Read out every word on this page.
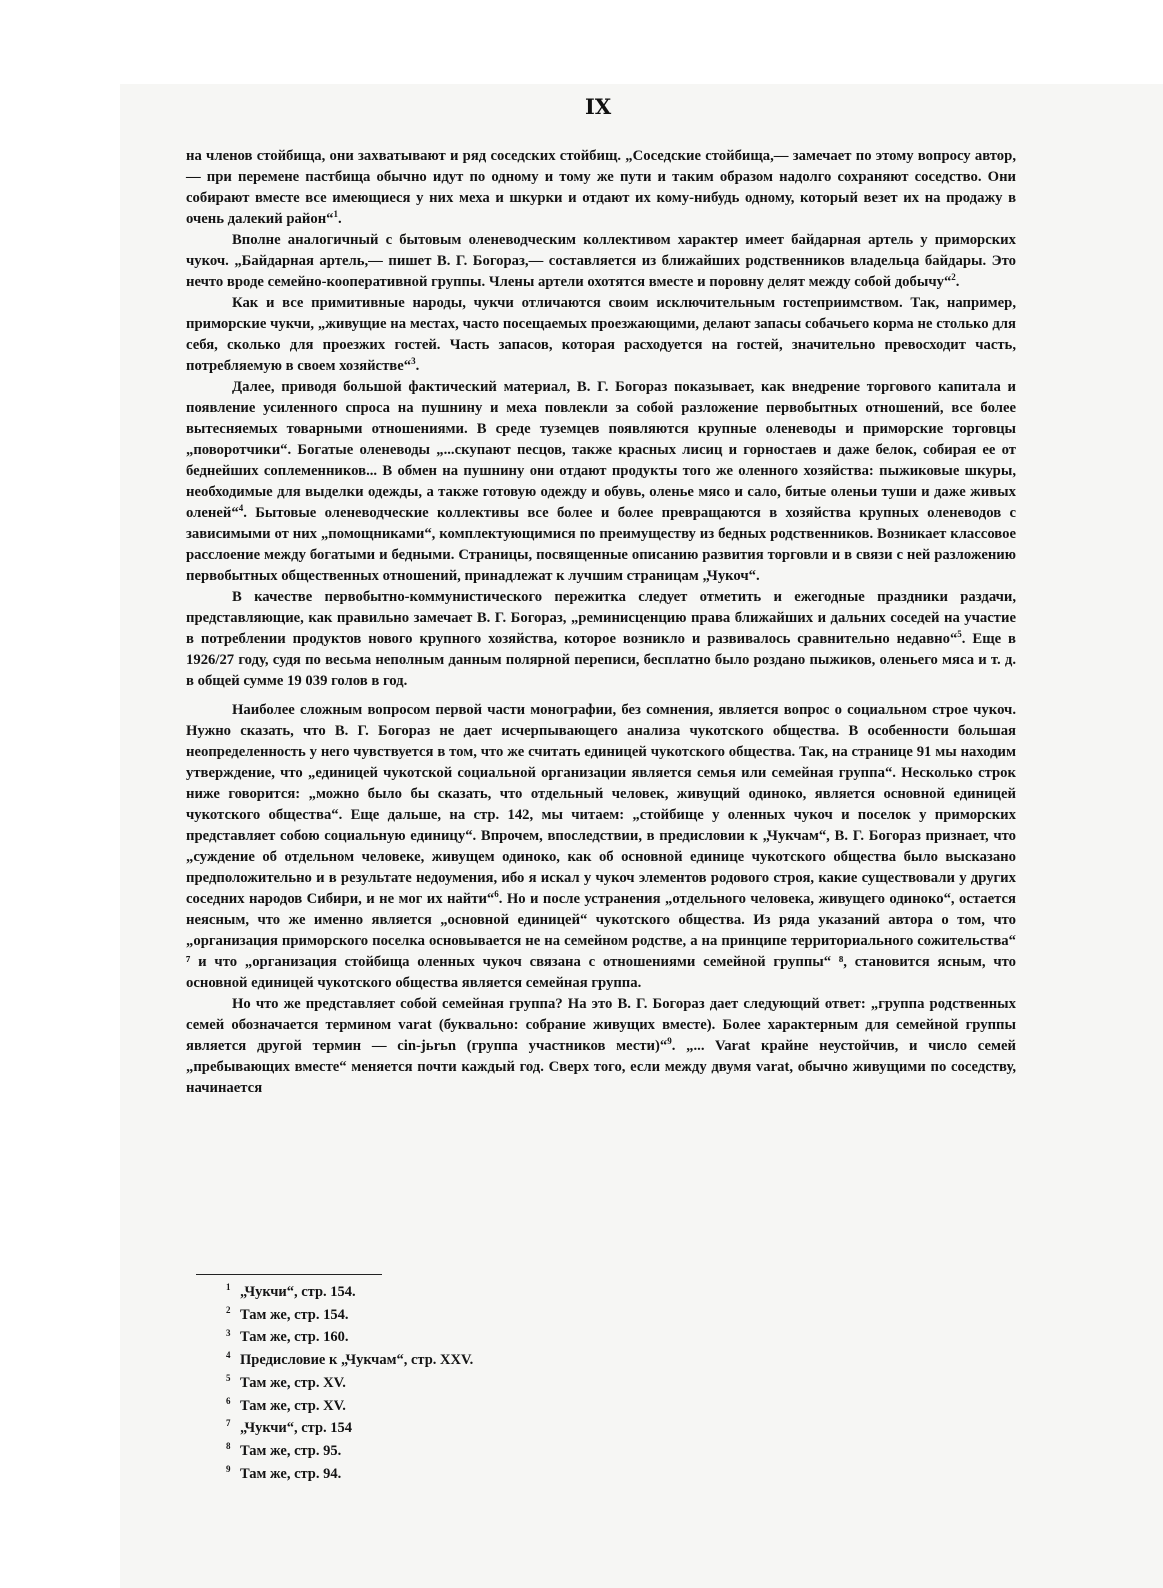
IX

на членов стойбища, они захватывают и ряд соседских стойбищ. „Соседские стойбища,— замечает по этому вопросу автор,— при перемене пастбища обычно идут по одному и тому же пути и таким образом надолго сохраняют соседство. Они собирают вместе все имеющиеся у них меха и шкурки и отдают их кому-нибудь одному, который везет их на продажу в очень далекий район“$^1$.

Вполне аналогичный с бытовым оленеводческим коллективом характер имеет байдарная артель у приморских чукоч. „Байдарная артель,— пишет В. Г. Богораз,— составляется из ближайших родственников владельца байдары. Это нечто вроде семейно-кооперативной группы. Члены артели охотятся вместе и поровну делят между собой добычу“$^2$.

Как и все примитивные народы, чукчи отличаются своим исключительным гостеприимством. Так, например, приморские чукчи, „живущие на местах, часто посещаемых проезжающими, делают запасы собачьего корма не столько для себя, сколько для проезжих гостей. Часть запасов, которая расходуется на гостей, значительно превосходит часть, потребляемую в своем хозяйстве“$^3$.

Далее, приводя большой фактический материал, В. Г. Богораз показывает, как внедрение торгового капитала и появление усиленного спроса на пушнину и меха повлекли за собой разложение первобытных отношений, все более вытесняемых товарными отношениями. В среде туземцев появляются крупные оленеводы и приморские торговцы „поворотчики“. Богатые оленеводы „...скупают песцов, также красных лисиц и горностаев и даже белок, собирая ее от беднейших соплеменников... В обмен на пушнину они отдают продукты того же оленного хозяйства: пыжиковые шкуры, необходимые для выделки одежды, а также готовую одежду и обувь, оленье мясо и сало, битые оленьи туши и даже живых оленей“$^4$. Бытовые оленеводческие коллективы все более и более превращаются в хозяйства крупных оленеводов с зависимыми от них „помощниками“, комплектующимися по преимуществу из бедных родственников. Возникает классовое расслоение между богатыми и бедными. Страницы, посвященные описанию развития торговли и в связи с ней разложению первобытных общественных отношений, принадлежат к лучшим страницам „Чукоч“.

В качестве первобытно-коммунистического пережитка следует отметить и ежегодные праздники раздачи, представляющие, как правильно замечает В. Г. Богораз, „реминисценцию права ближайших и дальних соседей на участие в потреблении продуктов нового крупного хозяйства, которое возникло и развивалось сравнительно недавно“$^5$. Еще в 1926/27 году, судя по весьма неполным данным полярной переписи, бесплатно было роздано пыжиков, оленьего мяса и т. д. в общей сумме 19 039 голов в год.

Наиболее сложным вопросом первой части монографии, без сомнения, является вопрос о социальном строе чукоч. Нужно сказать, что В. Г. Богораз не дает исчерпывающего анализа чукотского общества. В особенности большая неопределенность у него чувствуется в том, что же считать единицей чукотского общества. Так, на странице 91 мы находим утверждение, что „единицей чукотской социальной организации является семья или семейная группа“. Несколько строк ниже говорится: „можно было бы сказать, что отдельный человек, живущий одиноко, является основной единицей чукотского общества“. Еще дальше, на стр. 142, мы читаем: „стойбище у оленных чукоч и поселок у приморских представляет собою социальную единицу“. Впрочем, впоследствии, в предисловии к „Чукчам“, В. Г. Богораз признает, что „суждение об отдельном человеке, живущем одиноко, как об основной единице чукотского общества было высказано предположительно и в результате недоумения, ибо я искал у чукоч элементов родового строя, какие существовали у других соседних народов Сибири, и не мог их найти“$^6$. Но и после устранения „отдельного человека, живущего одиноко“, остается неясным, что же именно является „основной единицей“ чукотского общества. Из ряда указаний автора о том, что „организация приморского поселка основывается не на семейном родстве, а на принципе территориального сожительства“ ⁷ и что „организация стойбища оленных чукоч связана с отношениями семейной группы“ ⁸, становится ясным, что основной единицей чукотского общества является семейная группа.

Но что же представляет собой семейная группа? На это В. Г. Богораз дает следующий ответ: „группа родственных семей обозначается термином varat (буквально: собрание живущих вместе). Более характерным для семейной группы является другой термин — cin-jьrьn (группа участников мести)“$^9$. „... Varat крайне неустойчив, и число семей „пребывающих вместе“ меняется почти каждый год. Сверх того, если между двумя varat, обычно живущими по соседству, начинается

1 „Чукчи“, стр. 154.
2 Там же, стр. 154.
3 Там же, стр. 160.
4 Предисловие к „Чукчам“, стр. XXV.
5 Там же, стр. XV.
6 Там же, стр. XV.
7 „Чукчи“, стр. 154
8 Там же, стр. 95.
9 Там же, стр. 94.
